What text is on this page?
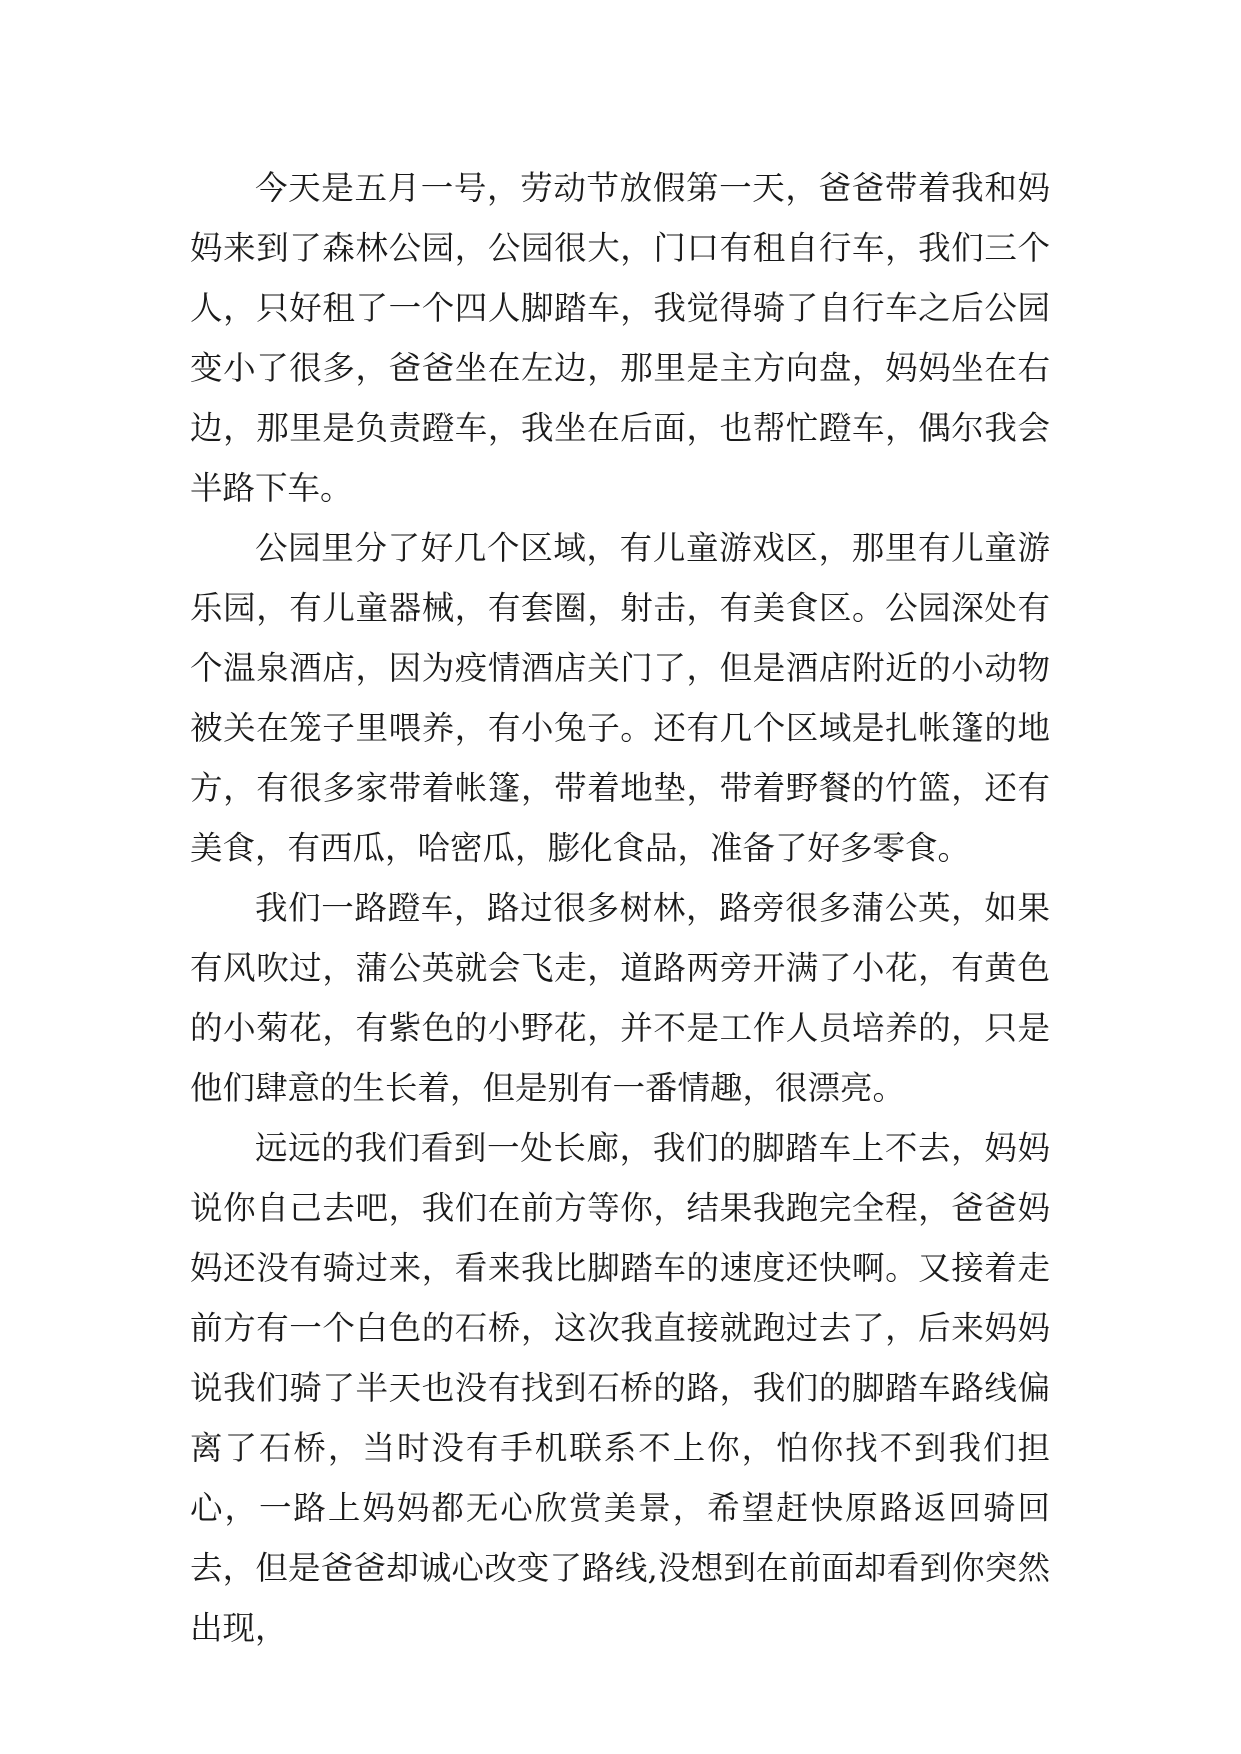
今天是五月一号，劳动节放假第一天，爸爸带着我和妈妈来到了森林公园，公园很大，门口有租自行车，我们三个人，只好租了一个四人脚踏车，我觉得骑了自行车之后公园变小了很多，爸爸坐在左边，那里是主方向盘，妈妈坐在右边，那里是负责蹬车，我坐在后面，也帮忙蹬车，偶尔我会半路下车。

公园里分了好几个区域，有儿童游戏区，那里有儿童游乐园，有儿童器械，有套圈，射击，有美食区。公园深处有个温泉酒店，因为疫情酒店关门了，但是酒店附近的小动物被关在笼子里喂养，有小兔子。还有几个区域是扎帐篷的地方，有很多家带着帐篷，带着地垫，带着野餐的竹篮，还有美食，有西瓜，哈密瓜，膨化食品，准备了好多零食。

我们一路蹬车，路过很多树林，路旁很多蒲公英，如果有风吹过，蒲公英就会飞走，道路两旁开满了小花，有黄色的小菊花，有紫色的小野花，并不是工作人员培养的，只是他们肆意的生长着，但是别有一番情趣，很漂亮。

远远的我们看到一处长廊，我们的脚踏车上不去，妈妈说你自己去吧，我们在前方等你，结果我跑完全程，爸爸妈妈还没有骑过来，看来我比脚踏车的速度还快啊。又接着走前方有一个白色的石桥，这次我直接就跑过去了，后来妈妈说我们骑了半天也没有找到石桥的路，我们的脚踏车路线偏离了石桥，当时没有手机联系不上你，怕你找不到我们担心，一路上妈妈都无心欣赏美景，希望赶快原路返回骑回去，但是爸爸却诚心改变了路线,没想到在前面却看到你突然出现，
